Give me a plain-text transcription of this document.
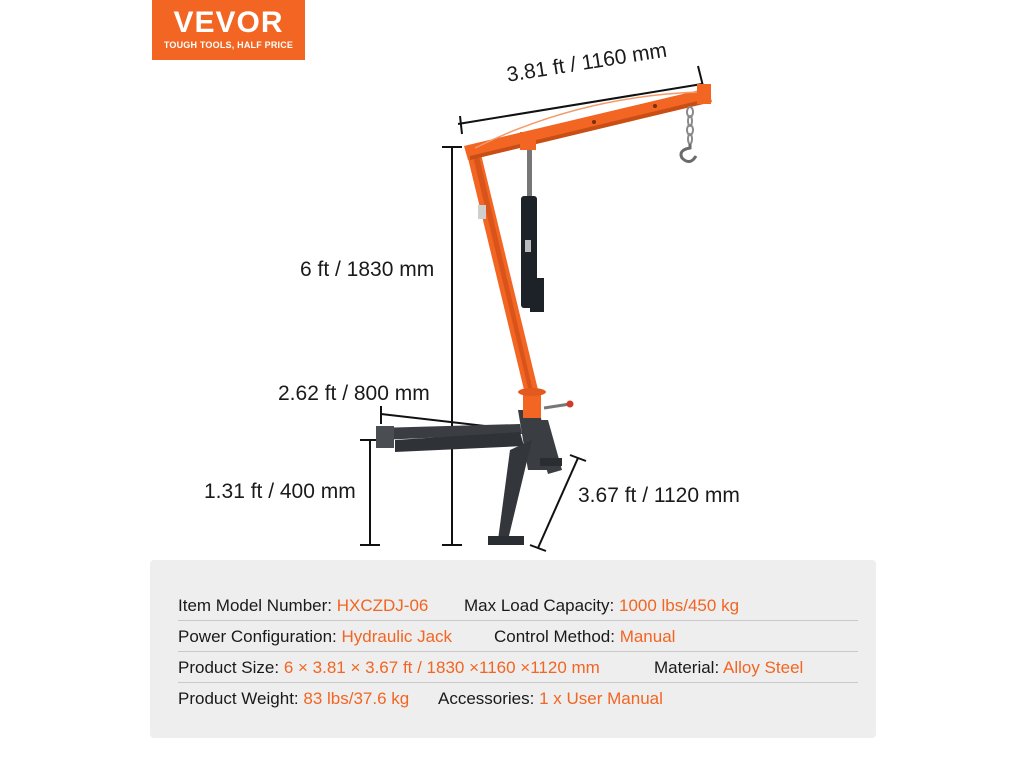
VEVOR
TOUGH TOOLS, HALF PRICE	3.81 ft / 1160 mm
6 ft / 1830 mm
2.62 ft / 800 mm
1.31 ft / 400 mm	3.67 ft / 1120 mm
Item Model Number: HXCZDJ-06 Max Load Capacity: 1000 lbs/450 kg
Power Configuration: Hydraulic Jack Control Method: Manual
Product Size: 6 × 3.81 × 3.67 ft / 1830 ×1160 ×1120 mm	Material: Alloy Steel
Product Weight: 83 lbs/37.6 kg Accessories: 1 x User Manual
